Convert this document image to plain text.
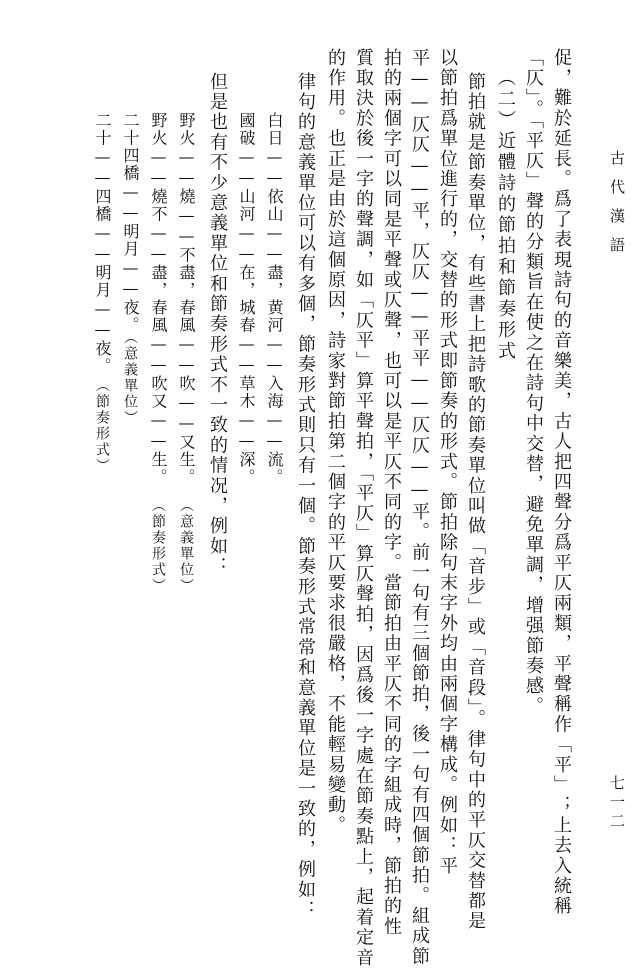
古代漢語
七一二
促，難於延長。爲了表現詩句的音樂美，古人把四聲分爲平仄兩類，平聲稱作「平」；上去入統稱
「仄」。「平仄」聲的分類旨在使之在詩句中交替，避免單調，增强節奏感。
（二）近體詩的節拍和節奏形式
節拍就是節奏單位，有些書上把詩歌的節奏單位叫做「音步」或「音段」。律句中的平仄交替都是
以節拍爲單位進行的，交替的形式即節奏的形式。節拍除句末字外均由兩個字構成。例如：平
平——仄仄——平，仄仄——平平——仄仄——平。前一句有三個節拍，後一句有四個節拍。組成節
拍的兩個字可以同是平聲或仄聲，也可以是平仄不同的字。當節拍由平仄不同的字組成時，節拍的性
質取決於後一字的聲調，如「仄平」算平聲拍，「平仄」算仄聲拍，因爲後一字處在節奏點上，起着定音
的作用。也正是由於這個原因，詩家對節拍第二個字的平仄要求很嚴格，不能輕易變動。
律句的意義單位可以有多個，節奏形式則只有一個。節奏形式常常和意義單位是一致的，例如：
白日——依山——盡，黄河——入海——流。
國破——山河——在，城春——草木——深。
但是也有不少意義單位和節奏形式不一致的情况，例如：
野火——燒——不盡，春風——吹——又生。
（意義單位）
野火——燒不——盡，春風——吹又——生。
（節奏形式）
二十四橋——明月——夜。
（意義單位）
二十——四橋——明月——夜。
（節奏形式）
